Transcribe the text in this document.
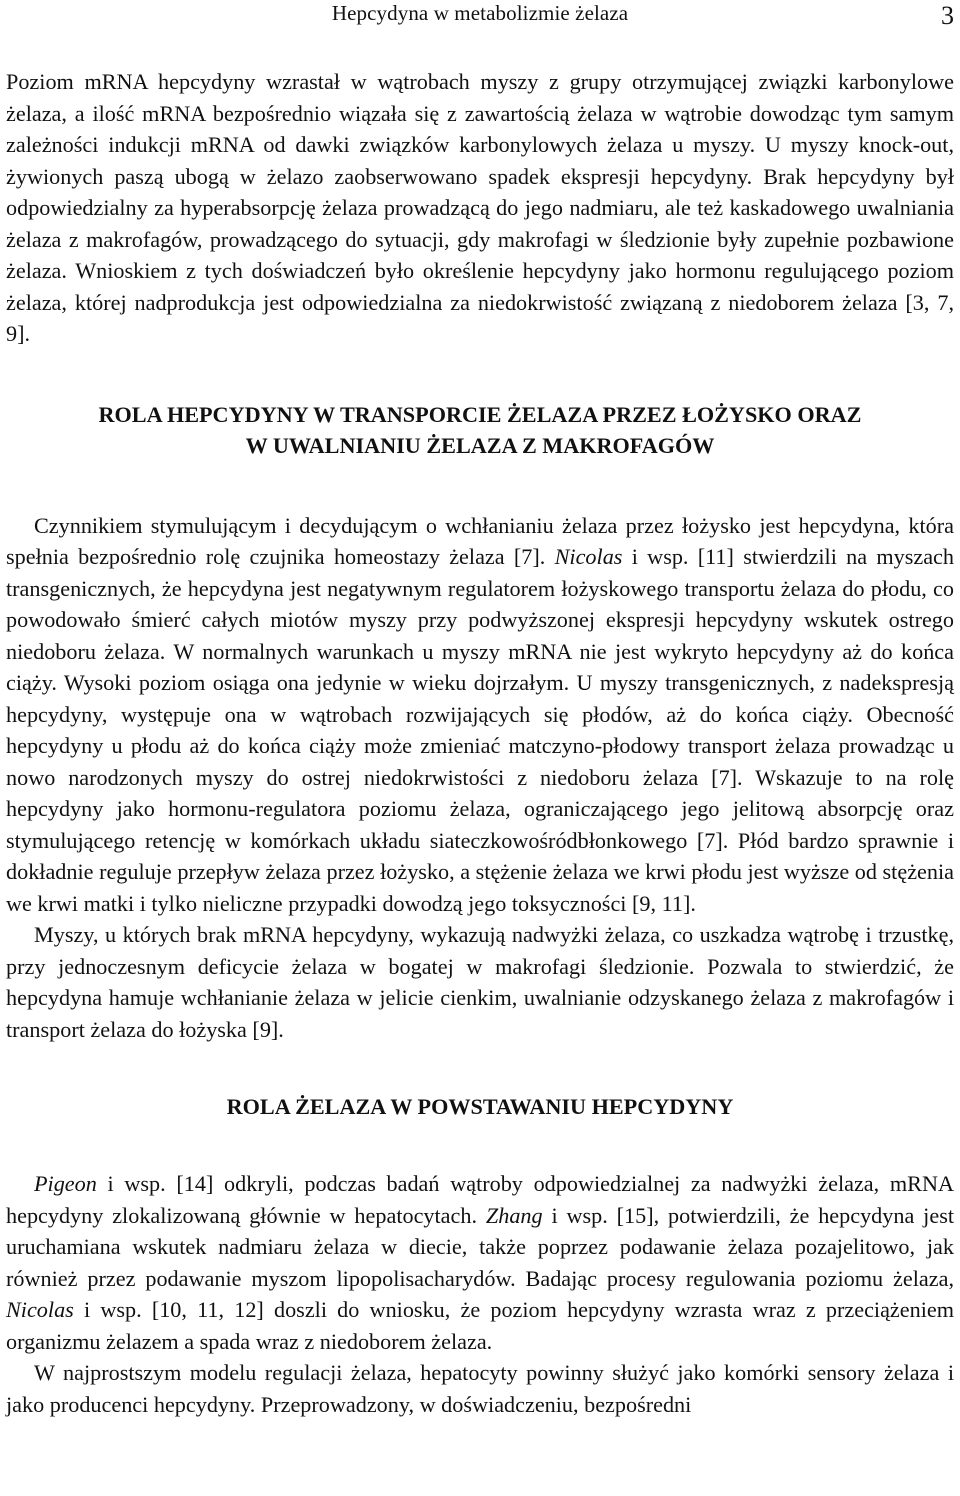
Hepcydyna w metabolizmie żelaza	3

Poziom mRNA hepcydyny wzrastał w wątrobach myszy z grupy otrzymującej związki karbonylowe żelaza, a ilość mRNA bezpośrednio wiązała się z zawartością żelaza w wątrobie dowodząc tym samym zależności indukcji mRNA od dawki związków karbonylowych żelaza u myszy. U myszy knock-out, żywionych paszą ubogą w żelazo zaobserwowano spadek ekspresji hepcydyny. Brak hepcydyny był odpowiedzialny za hyperabsorpcję żelaza prowadzącą do jego nadmiaru, ale też kaskadowego uwalniania żelaza z makrofagów, prowadzącego do sytuacji, gdy makrofagi w śledzionie były zupełnie pozbawione żelaza. Wnioskiem z tych doświadczeń było określenie hepcydyny jako hormonu regulującego poziom żelaza, której nadprodukcja jest odpowiedzialna za niedokrwistość związaną z niedoborem żelaza [3, 7, 9].

ROLA HEPCYDYNY W TRANSPORCIE ŻELAZA PRZEZ ŁOŻYSKO ORAZ
W UWALNIANIU ŻELAZA Z MAKROFAGÓW

Czynnikiem stymulującym i decydującym o wchłanianiu żelaza przez łożysko jest hepcydyna, która spełnia bezpośrednio rolę czujnika homeostazy żelaza [7]. Nicolas i wsp. [11] stwierdzili na myszach transgenicznych, że hepcydyna jest negatywnym regulatorem łożyskowego transportu żelaza do płodu, co powodowało śmierć całych miotów myszy przy podwyższonej ekspresji hepcydyny wskutek ostrego niedoboru żelaza. W normalnych warunkach u myszy mRNA nie jest wykryto hepcydyny aż do końca ciąży. Wysoki poziom osiąga ona jedynie w wieku dojrzałym. U myszy transgenicznych, z nadekspresją hepcydyny, występuje ona w wątrobach rozwijających się płodów, aż do końca ciąży. Obecność hepcydyny u płodu aż do końca ciąży może zmieniać matczyno-płodowy transport żelaza prowadząc u nowo narodzonych myszy do ostrej niedokrwistości z niedoboru żelaza [7]. Wskazuje to na rolę hepcydyny jako hormonu-regulatora poziomu żelaza, ograniczającego jego jelitową absorpcję oraz stymulującego retencję w komórkach układu siateczkowośródbłonkowego [7]. Płód bardzo sprawnie i dokładnie reguluje przepływ żelaza przez łożysko, a stężenie żelaza we krwi płodu jest wyższe od stężenia we krwi matki i tylko nieliczne przypadki dowodzą jego toksyczności [9, 11].

Myszy, u których brak mRNA hepcydyny, wykazują nadwyżki żelaza, co uszkadza wątrobę i trzustkę, przy jednoczesnym deficycie żelaza w bogatej w makrofagi śledzionie. Pozwala to stwierdzić, że hepcydyna hamuje wchłanianie żelaza w jelicie cienkim, uwalnianie odzyskanego żelaza z makrofagów i transport żelaza do łożyska [9].

ROLA ŻELAZA W POWSTAWANIU HEPCYDYNY

Pigeon i wsp. [14] odkryli, podczas badań wątroby odpowiedzialnej za nadwyżki żelaza, mRNA hepcydyny zlokalizowaną głównie w hepatocytach. Zhang i wsp. [15], potwierdzili, że hepcydyna jest uruchamiana wskutek nadmiaru żelaza w diecie, także poprzez podawanie żelaza pozajelitowo, jak również przez podawanie myszom lipopolisacharydów. Badając procesy regulowania poziomu żelaza, Nicolas i wsp. [10, 11, 12] doszli do wniosku, że poziom hepcydyny wzrasta wraz z przeciążeniem organizmu żelazem a spada wraz z niedoborem żelaza.

W najprostszym modelu regulacji żelaza, hepatocyty powinny służyć jako komórki sensory żelaza i jako producenci hepcydyny. Przeprowadzony, w doświadczeniu, bezpośredni
